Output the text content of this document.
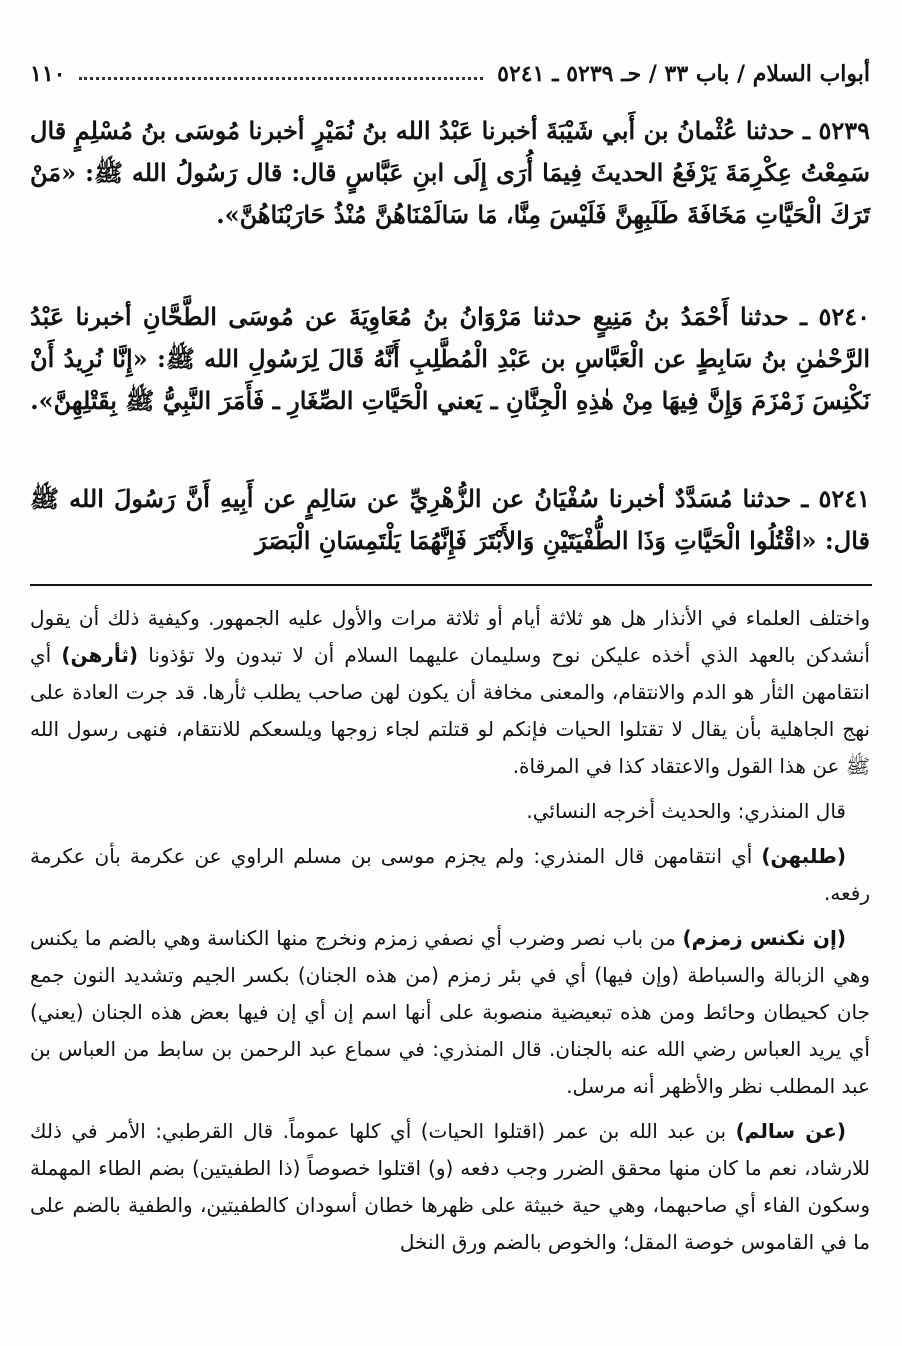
أبواب السلام / باب ٣٣ / حـ ٥٢٣٩ ـ ٥٢٤١
١١٠

٥٢٣٩ ـ حدثنا عُثْمانُ بن أَبي شَيْبَةَ أخبرنا عَبْدُ الله بنُ نُمَيْرٍ أخبرنا مُوسَى بنُ مُسْلِمٍ قال سَمِعْتُ عِكْرِمَةَ يَرْفَعُ الحديثَ فِيمَا أُرَى إِلَى ابنِ عَبَّاسٍ قال: قال رَسُولُ الله ﷺ: «مَنْ تَرَكَ الْحَيَّاتِ مَخَافَةَ طَلَبِهِنَّ فَلَيْسَ مِنَّا، مَا سَالَمْنَاهُنَّ مُنْذُ حَارَبْنَاهُنَّ».

٥٢٤٠ ـ حدثنا أَحْمَدُ بنُ مَنِيعٍ حدثنا مَرْوَانُ بنُ مُعَاوِيَةَ عن مُوسَى الطَّحَّانِ أخبرنا عَبْدُ الرَّحْمٰنِ بنُ سَابِطٍ عن الْعَبَّاسِ بن عَبْدِ الْمُطَّلِبِ أَنَّهُ قَالَ لِرَسُولِ الله ﷺ: «إِنَّا نُرِيدُ أَنْ نَكْنِسَ زَمْزَمَ وَإِنَّ فِيهَا مِنْ هٰذِهِ الْجِنَّانِ ـ يَعني الْحَيَّاتِ الصِّغَارِ ـ فَأَمَرَ النَّبِيُّ ﷺ بِقَتْلِهِنَّ».

٥٢٤١ ـ حدثنا مُسَدَّدٌ أخبرنا سُفْيَانُ عن الزُّهْرِيِّ عن سَالِمٍ عن أَبِيهِ أَنَّ رَسُولَ الله ﷺ قال: «اقْتُلُوا الْحَيَّاتِ وَذَا الطُّفْيَتَيْنِ وَالأَبْتَرَ فَإِنَّهُمَا يَلْتَمِسَانِ الْبَصَرَ

واختلف العلماء في الأنذار هل هو ثلاثة أيام أو ثلاثة مرات والأول عليه الجمهور. وكيفية ذلك أن يقول أنشدكن بالعهد الذي أخذه عليكن نوح وسليمان عليهما السلام أن لا تبدون ولا تؤذونا (ثأرهن) أي انتقامهن الثأر هو الدم والانتقام، والمعنى مخافة أن يكون لهن صاحب يطلب ثأرها. قد جرت العادة على نهج الجاهلية بأن يقال لا تقتلوا الحيات فإنكم لو قتلتم لجاء زوجها ويلسعكم للانتقام، فنهى رسول الله ﷺ عن هذا القول والاعتقاد كذا في المرقاة.

قال المنذري: والحديث أخرجه النسائي.

(طلبهن) أي انتقامهن قال المنذري: ولم يجزم موسى بن مسلم الراوي عن عكرمة بأن عكرمة رفعه.

(إن نكنس زمزم) من باب نصر وضرب أي نصفي زمزم ونخرج منها الكناسة وهي بالضم ما يكنس وهي الزبالة والسباطة (وإن فيها) أي في بئر زمزم (من هذه الجنان) بكسر الجيم وتشديد النون جمع جان كحيطان وحائط ومن هذه تبعيضية منصوبة على أنها اسم إن أي إن فيها بعض هذه الجنان (يعني) أي يريد العباس رضي الله عنه بالجنان. قال المنذري: في سماع عبد الرحمن بن سابط من العباس بن عبد المطلب نظر والأظهر أنه مرسل.

(عن سالم) بن عبد الله بن عمر (اقتلوا الحيات) أي كلها عموماً. قال القرطبي: الأمر في ذلك للارشاد، نعم ما كان منها محقق الضرر وجب دفعه (و) اقتلوا خصوصاً (ذا الطفيتين) بضم الطاء المهملة وسكون الفاء أي صاحبهما، وهي حية خبيثة على ظهرها خطان أسودان كالطفيتين، والطفية بالضم على ما في القاموس خوصة المقل؛ والخوص بالضم ورق النخل
